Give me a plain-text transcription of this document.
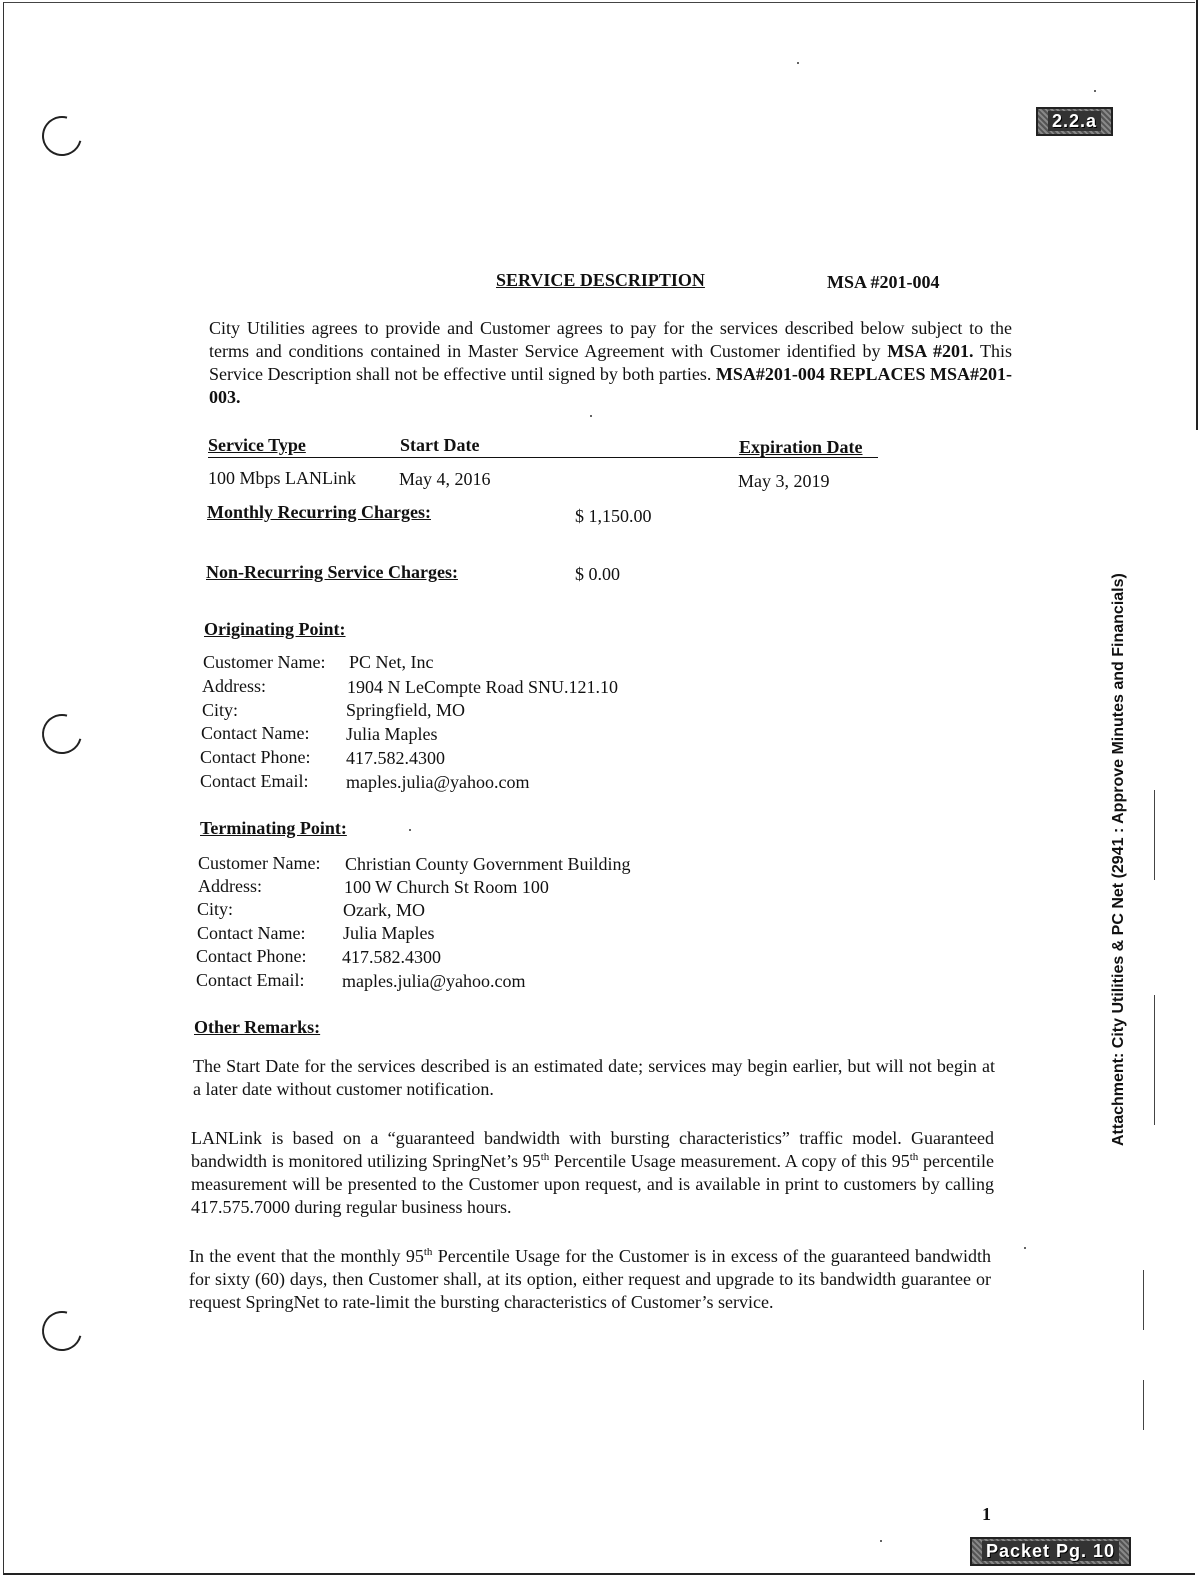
2.2.a
Packet Pg. 10
SERVICE DESCRIPTION	MSA #201-004
City Utilities agrees to provide and Customer agrees to pay for the services described below subject to the terms and conditions contained in Master Service Agreement with Customer identified by MSA #201. This Service Description shall not be effective until signed by both parties. MSA#201-004 REPLACES MSA#201-003.
Service Type	Start Date	Expiration Date
100 Mbps LANLink May 4, 2016	May 3, 2019
Monthly Recurring Charges:	$ 1,150.00
Non-Recurring Service Charges:	$ 0.00
Originating Point:
Customer Name: PC Net, Inc
Address:	1904 N LeCompte Road SNU.121.10
City:	Springfield, MO
Contact Name: Julia Maples
Contact Phone: 417.582.4300
Contact Email: maples.julia@yahoo.com
Terminating Point:
Customer Name: Christian County Government Building
Address:	100 W Church St Room 100
City:	Ozark, MO
Contact Name: Julia Maples
Contact Phone: 417.582.4300
Contact Email: maples.julia@yahoo.com
Other Remarks:
The Start Date for the services described is an estimated date; services may begin earlier, but will not begin at a later date without customer notification.
LANLink is based on a “guaranteed bandwidth with bursting characteristics” traffic model. Guaranteed bandwidth is monitored utilizing SpringNet’s 95th Percentile Usage measurement. A copy of this 95th percentile measurement will be presented to the Customer upon request, and is available in print to customers by calling 417.575.7000 during regular business hours.
In the event that the monthly 95th Percentile Usage for the Customer is in excess of the guaranteed bandwidth for sixty (60) days, then Customer shall, at its option, either request and upgrade to its bandwidth guarantee or request SpringNet to rate-limit the bursting characteristics of Customer’s service.
1
Attachment: City Utilities & PC Net (2941 : Approve Minutes and Financials)
